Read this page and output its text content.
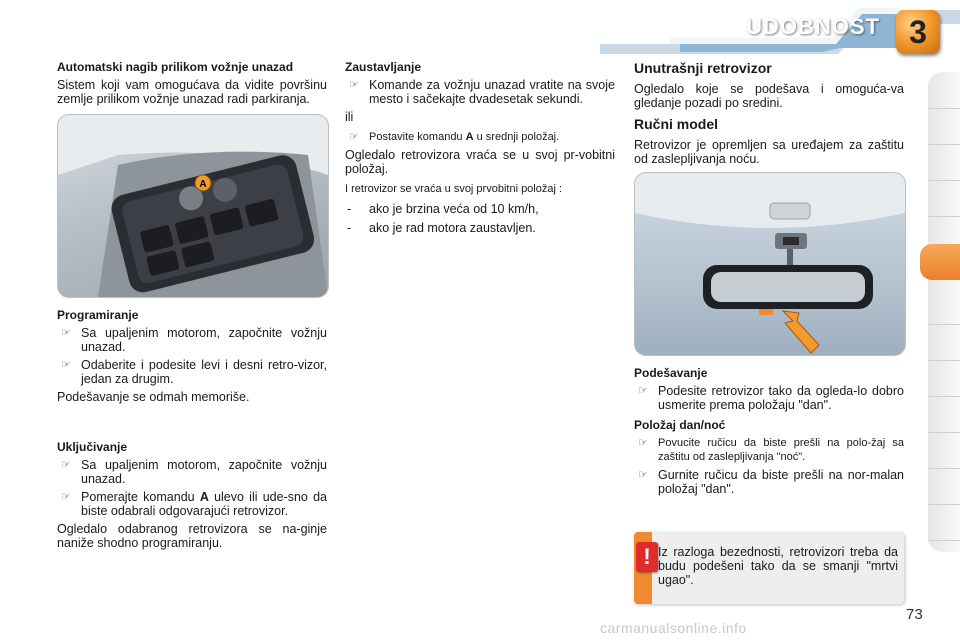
UDOBNOST 3
Automatski nagib prilikom vožnje unazad
Sistem koji vam omogućava da vidite površinu zemlje prilikom vožnje unazad radi parkiranja.
A
Programiranje
☞ Sa upaljenim motorom, započnite vožnju unazad.
☞ Odaberite i podesite levi i desni retro-vizor, jedan za drugim.
Podešavanje se odmah memoriše.
Uključivanje
☞ Sa upaljenim motorom, započnite vožnju unazad.
☞ Pomerajte komandu A ulevo ili ude-sno da biste odabrali odgovarajući retrovizor.
Ogledalo odabranog retrovizora se na-ginje naniže shodno programiranju.
Zaustavljanje
☞ Komande za vožnju unazad vratite na svoje mesto i sačekajte dvadesetak sekundi.
ili
☞ Postavite komandu A u srednji položaj.
Ogledalo retrovizora vraća se u svoj pr-vobitni položaj.
I retrovizor se vraća u svoj prvobitni položaj :
- ako je brzina veća od 10 km/h,
- ako je rad motora zaustavljen.
Unutrašnji retrovizor
Ogledalo koje se podešava i omoguća-va gledanje pozadi po sredini.
Ručni model
Retrovizor je opremljen sa uređajem za zaštitu od zaslepljivanja noću.
Podešavanje
☞ Podesite retrovizor tako da ogleda-lo dobro usmerite prema položaju "dan".
Položaj dan/noć
☞ Povucite ručicu da biste prešli na polo-žaj sa zaštitu od zaslepljivanja "noć".
☞ Gurnite ručicu da biste prešli na nor-malan položaj "dan".
! Iz razloga bezednosti, retrovizori treba da budu podešeni tako da se smanji "mrtvi ugao".
73
carmanualsonline.info
